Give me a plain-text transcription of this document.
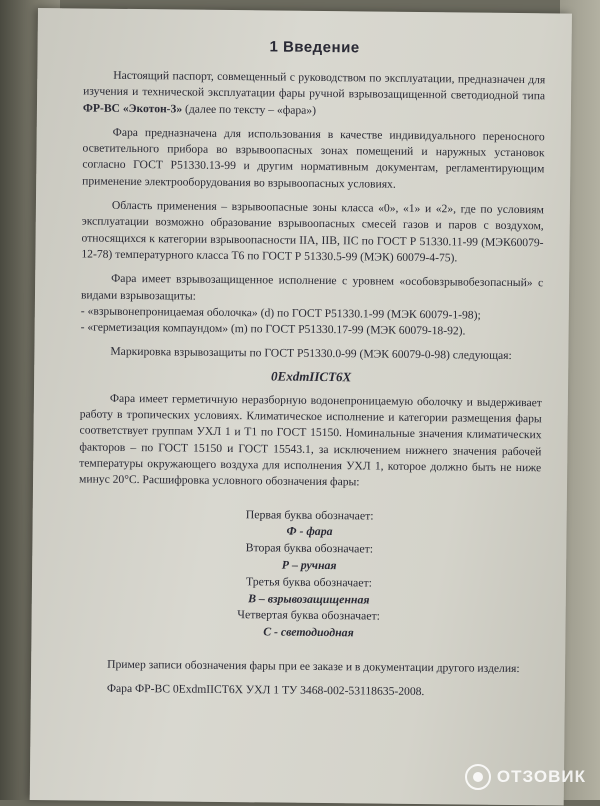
1 Введение

Настоящий паспорт, совмещенный с руководством по эксплуатации, предназначен для изучения и технической эксплуатации фары ручной взрывозащищенной светодиодной типа ФР-ВС «Экотон-3» (далее по тексту – «фара»)

Фара предназначена для использования в качестве индивидуального переносного осветительного прибора во взрывоопасных зонах помещений и наружных установок согласно ГОСТ Р51330.13-99 и другим нормативным документам, регламентирующим применение электрооборудования во взрывоопасных условиях.

Область применения – взрывоопасные зоны класса «0», «1» и «2», где по условиям эксплуатации возможно образование взрывоопасных смесей газов и паров с воздухом, относящихся к категории взрывоопасности IIA, IIB, IIC по ГОСТ Р 51330.11-99 (МЭК60079-12-78) температурного класса Т6 по ГОСТ Р 51330.5-99 (МЭК) 60079-4-75).

Фара имеет взрывозащищенное исполнение с уровнем «особовзрывобезопасный» с видами взрывозащиты:

- «взрывонепроницаемая оболочка» (d) по ГОСТ Р51330.1-99 (МЭК 60079-1-98);
- «герметизация компаундом» (m) по ГОСТ Р51330.17-99 (МЭК 60079-18-92).

Маркировка взрывозащиты по ГОСТ Р51330.0-99 (МЭК 60079-0-98) следующая:

0ExdmIICT6X

Фара имеет герметичную неразборную водонепроницаемую оболочку и выдерживает работу в тропических условиях. Климатическое исполнение и категории размещения фары соответствует группам УХЛ 1 и Т1 по ГОСТ 15150. Номинальные значения климатических факторов – по ГОСТ 15150 и ГОСТ 15543.1, за исключением нижнего значения рабочей температуры окружающего воздуха для исполнения УХЛ 1, которое должно быть не ниже минус 20°С. Расшифровка условного обозначения фары:

Первая буква обозначает:
Ф - фара
Вторая буква обозначает:
Р – ручная
Третья буква обозначает:
В – взрывозащищенная
Четвертая буква обозначает:
С - светодиодная

Пример записи обозначения фары при ее заказе и в документации другого изделия:

Фара ФР-ВС 0ExdmIICT6X УХЛ 1 ТУ 3468-002-53118635-2008.

ОТЗОВИК
